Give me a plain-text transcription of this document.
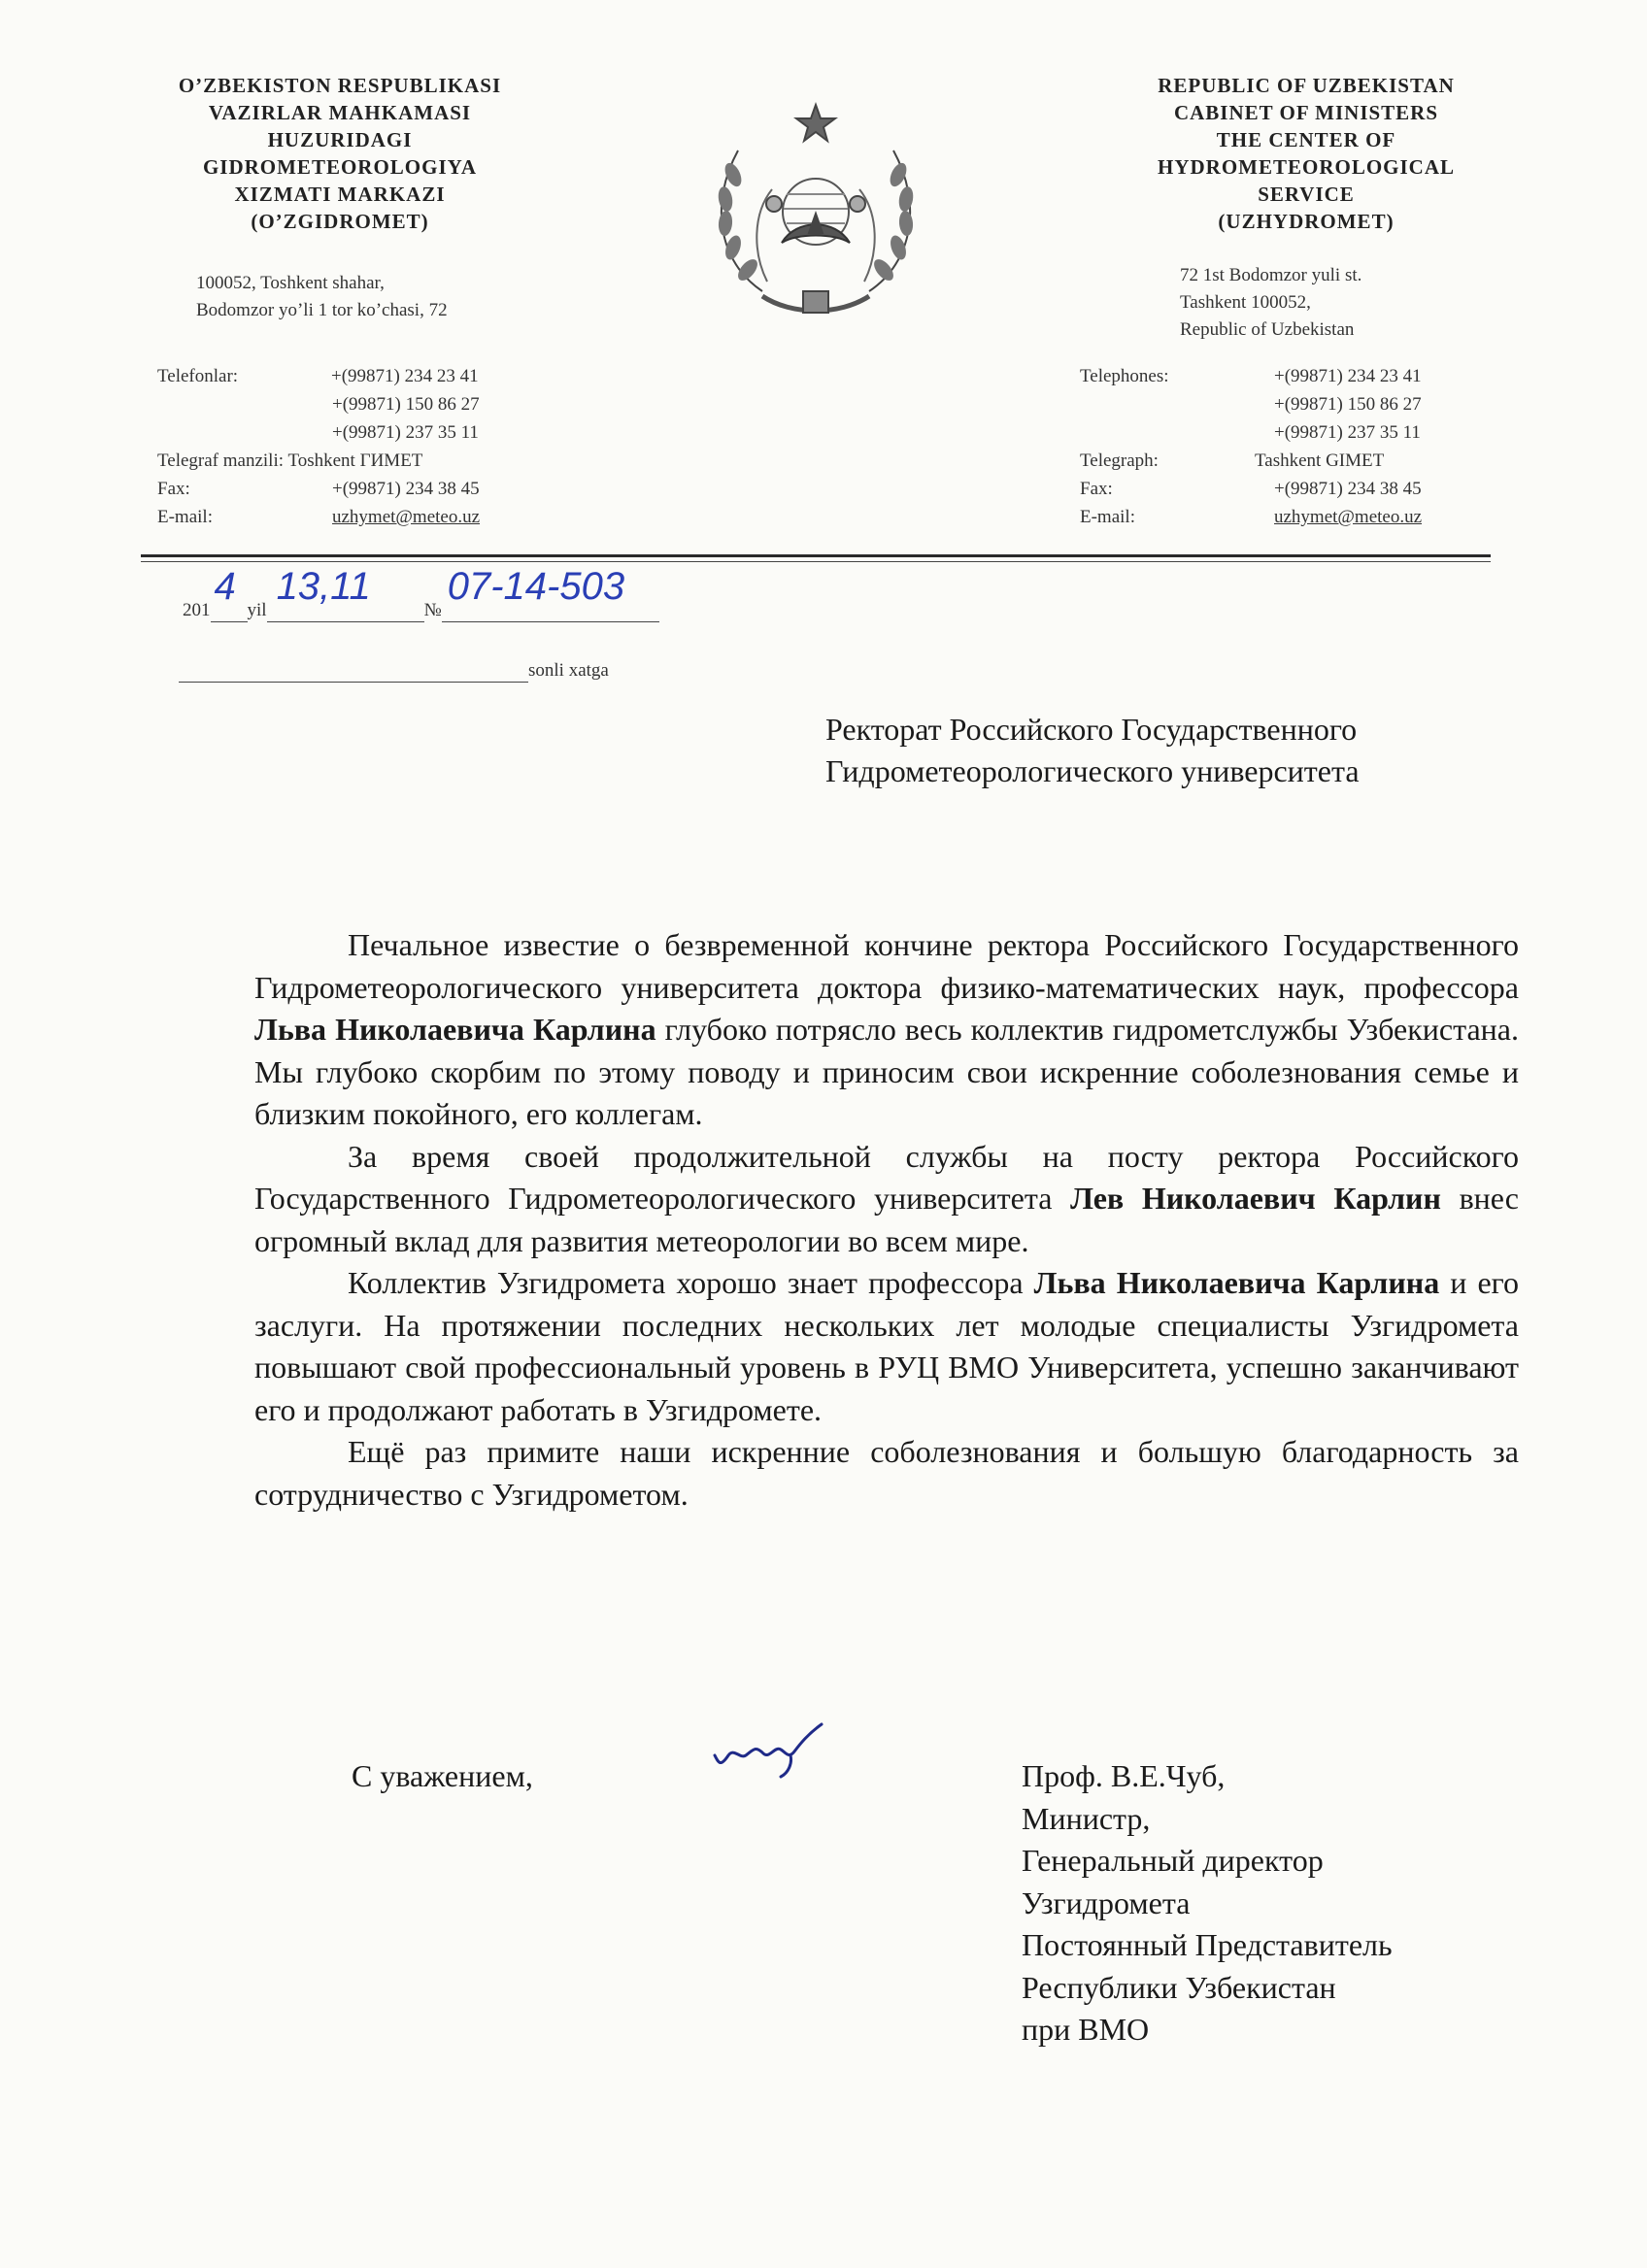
O’ZBEKISTON RESPUBLIKASI
VAZIRLAR MAHKAMASI
HUZURIDAGI
GIDROMETEOROLOGIYA
XIZMATI MARKAZI
(O’ZGIDROMET)
100052, Toshkent shahar,
Bodomzor yo’li 1 tor ko’chasi, 72
REPUBLIC OF UZBEKISTAN
CABINET OF MINISTERS
THE CENTER OF
HYDROMETEOROLOGICAL
SERVICE
(UZHYDROMET)
72 1st Bodomzor yuli st.
Tashkent 100052,
Republic of Uzbekistan
Telefonlar:	+(99871) 234 23 41
+(99871) 150 86 27
+(99871) 237 35 11
Telegraf manzili: Toshkent ГИМЕТ
Fax:	+(99871) 234 38 45
E-mail:	uzhymet@meteo.uz
Telephones:	+(99871) 234 23 41
+(99871) 150 86 27
+(99871) 237 35 11
Telegraph:	Tashkent GIMET
Fax:	+(99871) 234 38 45
E-mail:	uzhymet@meteo.uz
201
4
yil
13,11
№
07-14-503

sonli xatga
Ректорат Российского Государственного
Гидрометеорологического университета

Печальное известие о безвременной кончине ректора Российского Государственного Гидрометеорологического университета доктора физико-математических наук, профессора Льва Николаевича Карлина глубоко потрясло весь коллектив гидрометслужбы Узбекистана. Мы глубоко скорбим по этому поводу и приносим свои искренние соболезнования семье и близким покойного, его коллегам.

За время своей продолжительной службы на посту ректора Российского Государственного Гидрометеорологического университета Лев Николаевич Карлин внес огромный вклад для развития метеорологии во всем мире.

Коллектив Узгидромета хорошо знает профессора Льва Николаевича Карлина и его заслуги. На протяжении последних нескольких лет молодые специалисты Узгидромета повышают свой профессиональный уровень в РУЦ ВМО Университета, успешно заканчивают его и продолжают работать в Узгидромете.

Ещё раз примите наши искренние соболезнования и большую благодарность за сотрудничество с Узгидрометом.

С уважением,	Проф. В.Е.Чуб,
Министр,
Генеральный директор
Узгидромета
Постоянный Представитель
Республики Узбекистан
при ВМО
